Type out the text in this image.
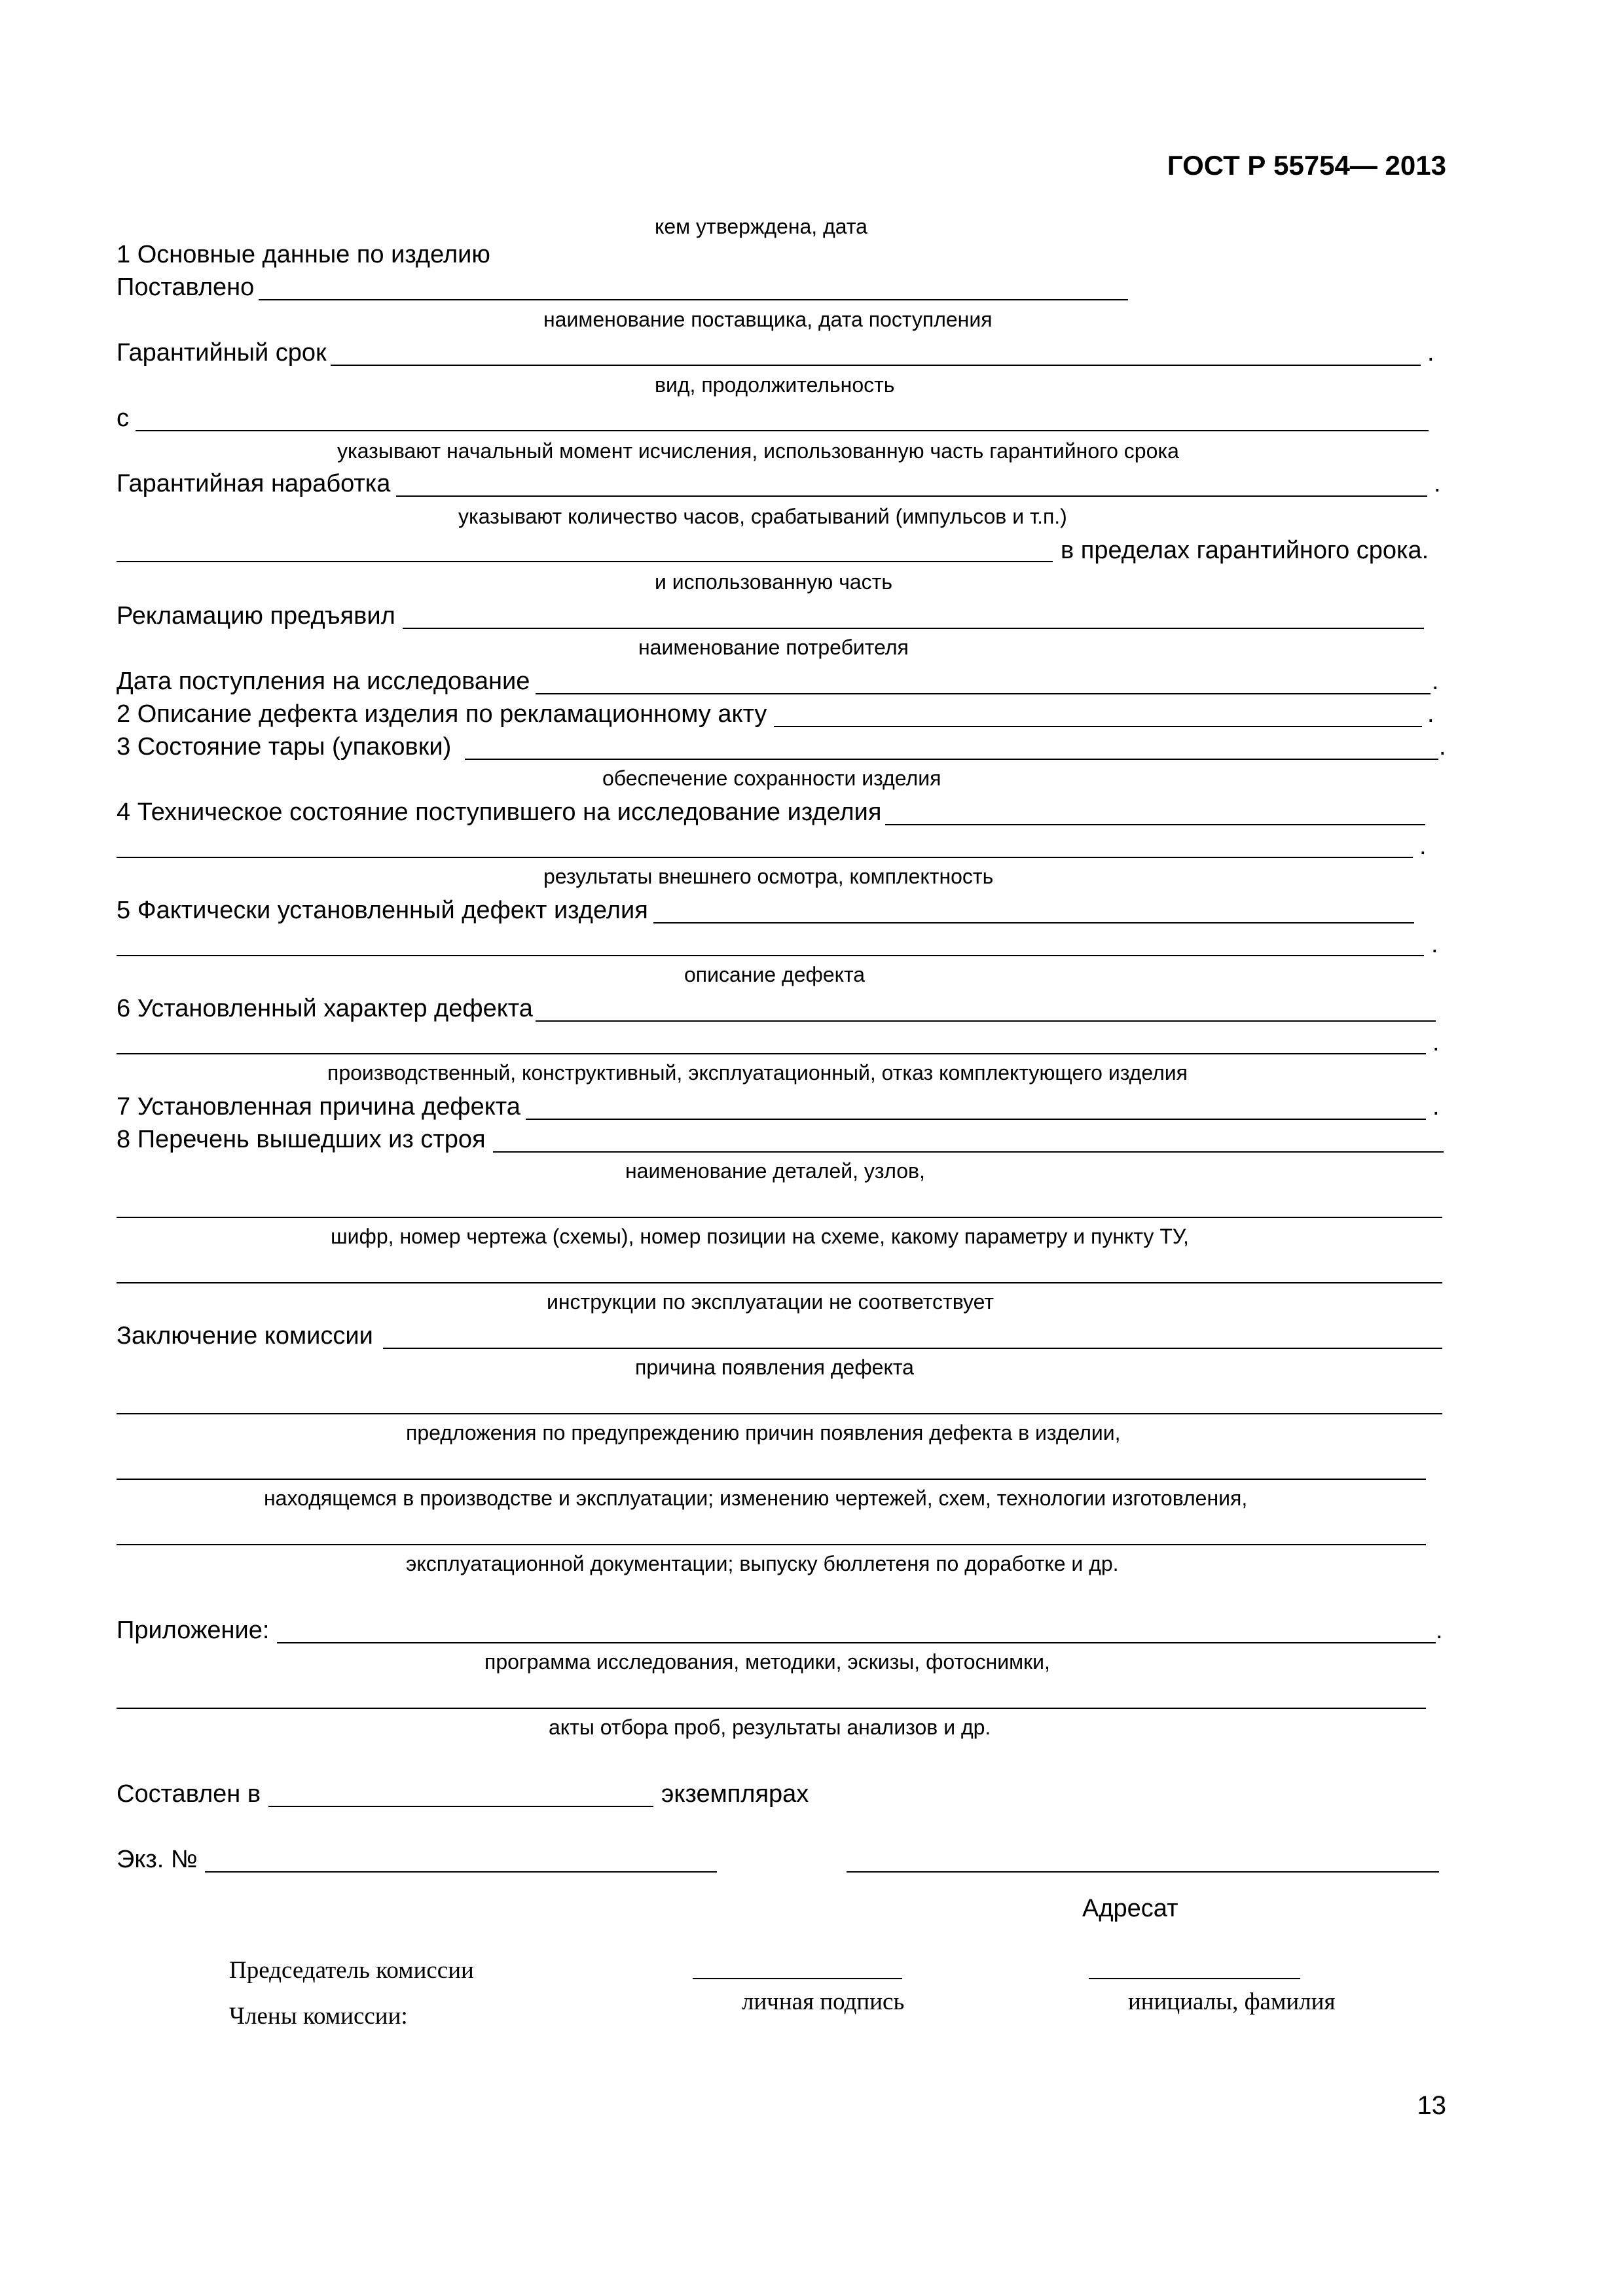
ГОСТ Р 55754— 2013
кем утверждена, дата
1 Основные данные по изделию
Поставлено
наименование поставщика, дата поступления
Гарантийный срок	.
вид, продолжительность
с
указывают начальный момент исчисления, использованную часть гарантийного срока
Гарантийная наработка	.
указывают количество часов, срабатываний (импульсов и т.п.)
в пределах гарантийного срока.
и использованную часть
Рекламацию предъявил
наименование потребителя
Дата поступления на исследование	.
2 Описание дефекта изделия по рекламационному акту	.
3 Состояние тары (упаковки)	.
обеспечение сохранности изделия
4 Техническое состояние поступившего на исследование изделия
.
результаты внешнего осмотра, комплектность
5 Фактически установленный дефект изделия
.
описание дефекта
6 Установленный характер дефекта
.
производственный, конструктивный, эксплуатационный, отказ комплектующего изделия
7 Установленная причина дефекта	.
8 Перечень вышедших из строя
наименование деталей, узлов,
шифр, номер чертежа (схемы), номер позиции на схеме, какому параметру и пункту ТУ,
инструкции по эксплуатации не соответствует
Заключение комиссии
причина появления дефекта
предложения по предупреждению причин появления дефекта в изделии,
находящемся в производстве и эксплуатации; изменению чертежей, схем, технологии изготовления,
эксплуатационной документации; выпуску бюллетеня по доработке и др.
Приложение:	.
программа исследования, методики, эскизы, фотоснимки,
акты отбора проб, результаты анализов и др.
Составлен в	экземплярах
Экз. №
Адресат
Председатель комиссии
личная подпись	инициалы, фамилия
Члены комиссии:
13
